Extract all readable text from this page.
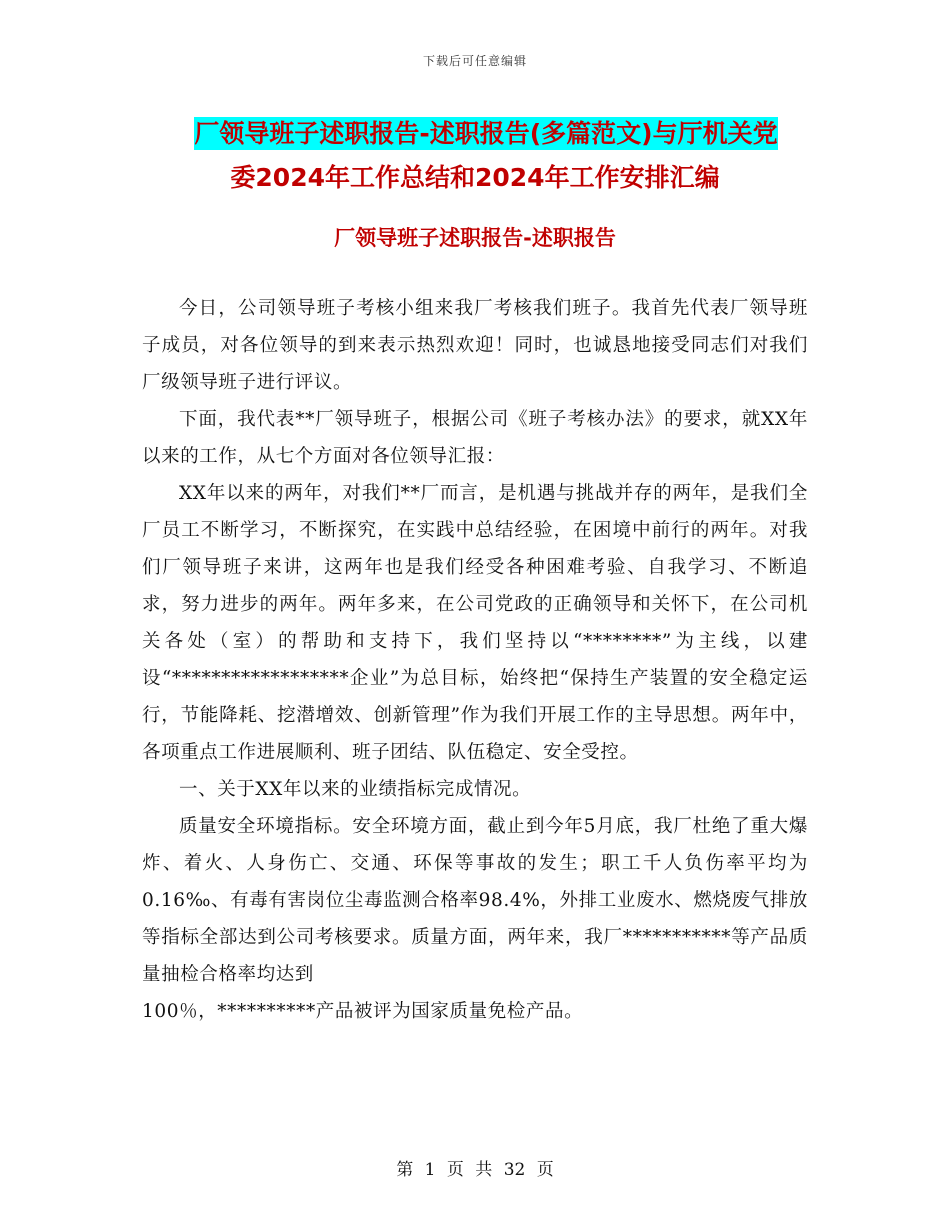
下载后可任意编辑
厂领导班子述职报告-述职报告(多篇范文)与厅机关党
委2024年工作总结和2024年工作安排汇编
厂领导班子述职报告-述职报告

今日，公司领导班子考核小组来我厂考核我们班子。我首先代表厂领导班子成员，对各位领导的到来表示热烈欢迎！同时，也诚恳地接受同志们对我们厂级领导班子进行评议。

下面，我代表**厂领导班子，根据公司《班子考核办法》的要求，就XX年以来的工作，从七个方面对各位领导汇报：

XX年以来的两年，对我们**厂而言，是机遇与挑战并存的两年，是我们全厂员工不断学习，不断探究，在实践中总结经验，在困境中前行的两年。对我们厂领导班子来讲，这两年也是我们经受各种困难考验、自我学习、不断追求，努力进步的两年。两年多来，在公司党政的正确领导和关怀下，在公司机关各处（室）的帮助和支持下，我们坚持以“********”为主线，以建设“******************企业”为总目标，始终把“保持生产装置的安全稳定运行，节能降耗、挖潜增效、创新管理”作为我们开展工作的主导思想。两年中，各项重点工作进展顺利、班子团结、队伍稳定、安全受控。

一、关于XX年以来的业绩指标完成情况。

质量安全环境指标。安全环境方面，截止到今年5月底，我厂杜绝了重大爆炸、着火、人身伤亡、交通、环保等事故的发生；职工千人负伤率平均为0.16‰、有毒有害岗位尘毒监测合格率98.4%，外排工业废水、燃烧废气排放等指标全部达到公司考核要求。质量方面，两年来，我厂***********等产品质量抽检合格率均达到

100％，**********产品被评为国家质量免检产品。

第 1 页 共 32 页
